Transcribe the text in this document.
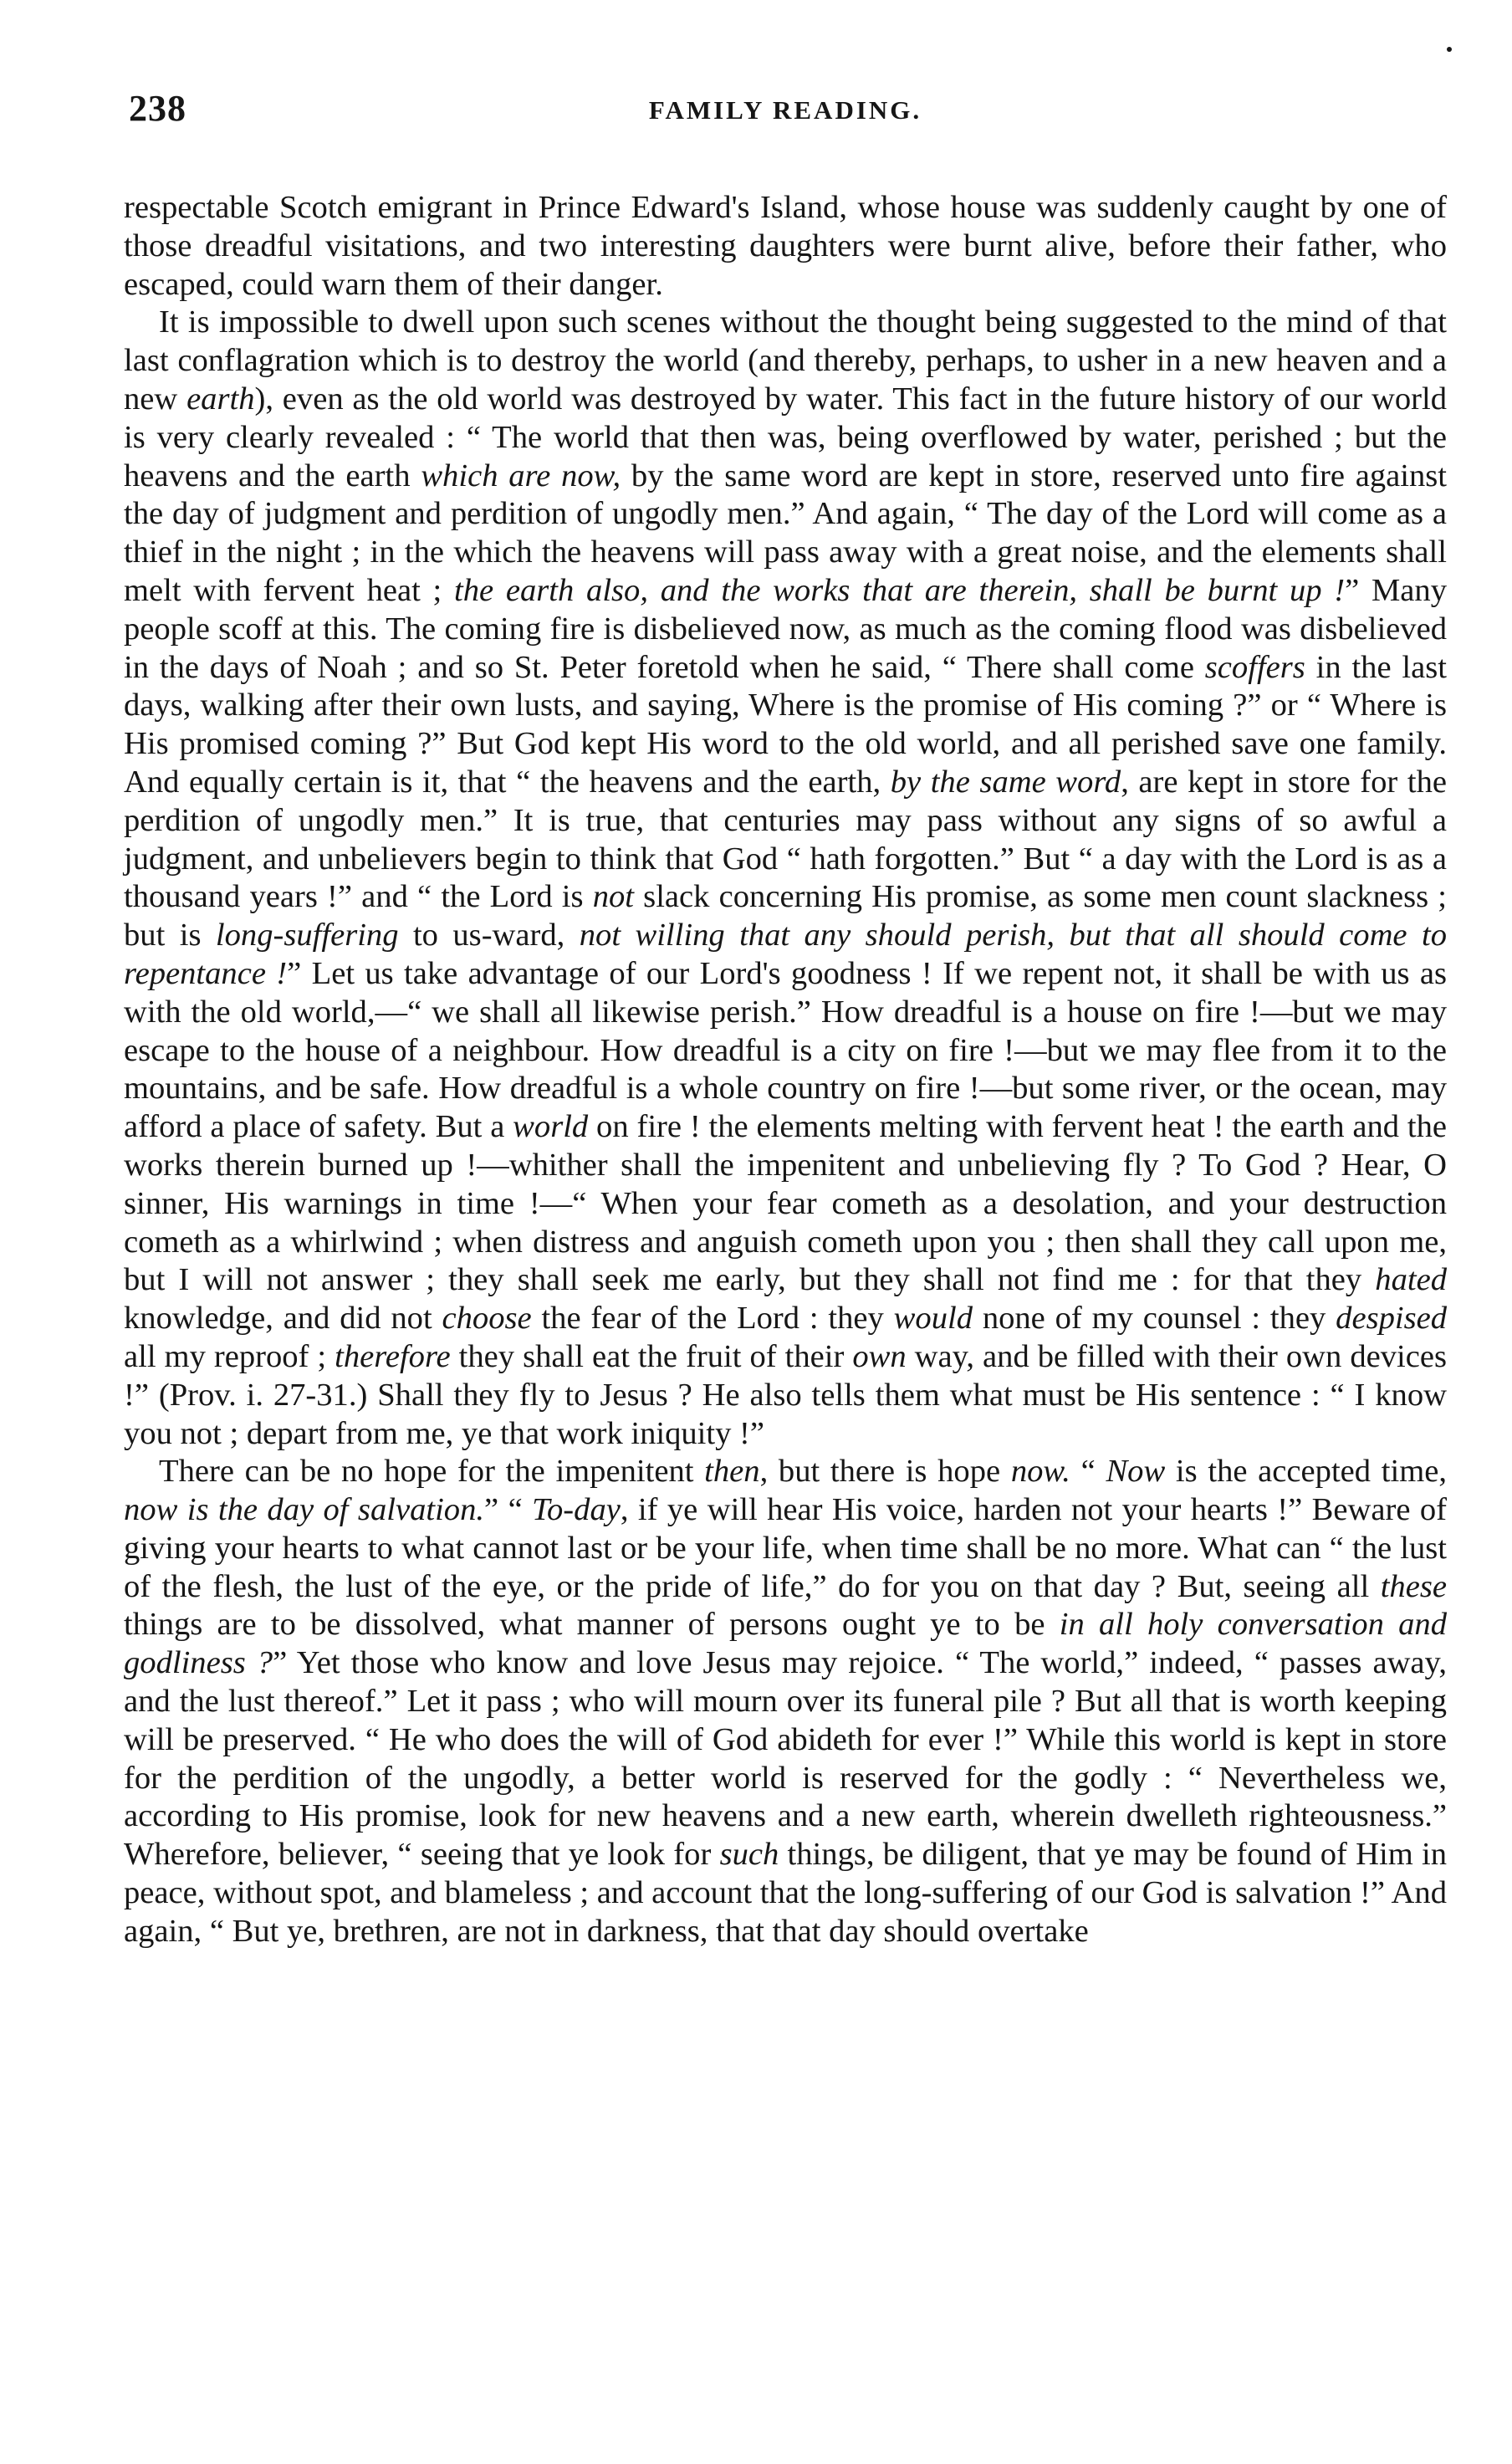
238	FAMILY READING.

respectable Scotch emigrant in Prince Edward's Island, whose house was suddenly caught by one of those dreadful visitations, and two interesting daughters were burnt alive, before their father, who escaped, could warn them of their danger.

It is impossible to dwell upon such scenes without the thought being suggested to the mind of that last conflagration which is to destroy the world (and thereby, perhaps, to usher in a new heaven and a new earth), even as the old world was destroyed by water. This fact in the future history of our world is very clearly revealed : “ The world that then was, being overflowed by water, perished ; but the heavens and the earth which are now, by the same word are kept in store, reserved unto fire against the day of judgment and perdition of ungodly men.” And again, “ The day of the Lord will come as a thief in the night ; in the which the heavens will pass away with a great noise, and the elements shall melt with fervent heat ; the earth also, and the works that are therein, shall be burnt up !” Many people scoff at this. The coming fire is disbelieved now, as much as the coming flood was disbelieved in the days of Noah ; and so St. Peter foretold when he said, “ There shall come scoffers in the last days, walking after their own lusts, and saying, Where is the promise of His coming ?” or “ Where is His promised coming ?” But God kept His word to the old world, and all perished save one family. And equally certain is it, that “ the heavens and the earth, by the same word, are kept in store for the perdition of ungodly men.” It is true, that centuries may pass without any signs of so awful a judgment, and unbelievers begin to think that God “ hath forgotten.” But “ a day with the Lord is as a thousand years !” and “ the Lord is not slack concerning His promise, as some men count slackness ; but is long-suffering to us-ward, not willing that any should perish, but that all should come to repentance !” Let us take advantage of our Lord's goodness ! If we repent not, it shall be with us as with the old world,—“ we shall all likewise perish.” How dreadful is a house on fire !—but we may escape to the house of a neighbour. How dreadful is a city on fire !—but we may flee from it to the mountains, and be safe. How dreadful is a whole country on fire !—but some river, or the ocean, may afford a place of safety. But a world on fire ! the elements melting with fervent heat ! the earth and the works therein burned up !—whither shall the impenitent and unbelieving fly ? To God ? Hear, O sinner, His warnings in time !—“ When your fear cometh as a desolation, and your destruction cometh as a whirlwind ; when distress and anguish cometh upon you ; then shall they call upon me, but I will not answer ; they shall seek me early, but they shall not find me : for that they hated knowledge, and did not choose the fear of the Lord : they would none of my counsel : they despised all my reproof ; therefore they shall eat the fruit of their own way, and be filled with their own devices !” (Prov. i. 27-31.) Shall they fly to Jesus ? He also tells them what must be His sentence : “ I know you not ; depart from me, ye that work iniquity !”

There can be no hope for the impenitent then, but there is hope now. “ Now is the accepted time, now is the day of salvation.” “ To-day, if ye will hear His voice, harden not your hearts !” Beware of giving your hearts to what cannot last or be your life, when time shall be no more. What can “ the lust of the flesh, the lust of the eye, or the pride of life,” do for you on that day ? But, seeing all these things are to be dissolved, what manner of persons ought ye to be in all holy conversation and godliness ?” Yet those who know and love Jesus may rejoice. “ The world,” indeed, “ passes away, and the lust thereof.” Let it pass ; who will mourn over its funeral pile ? But all that is worth keeping will be preserved. “ He who does the will of God abideth for ever !” While this world is kept in store for the perdition of the ungodly, a better world is reserved for the godly : “ Nevertheless we, according to His promise, look for new heavens and a new earth, wherein dwelleth righteousness.” Wherefore, believer, “ seeing that ye look for such things, be diligent, that ye may be found of Him in peace, without spot, and blameless ; and account that the long-suffering of our God is salvation !” And again, “ But ye, brethren, are not in darkness, that that day should overtake
